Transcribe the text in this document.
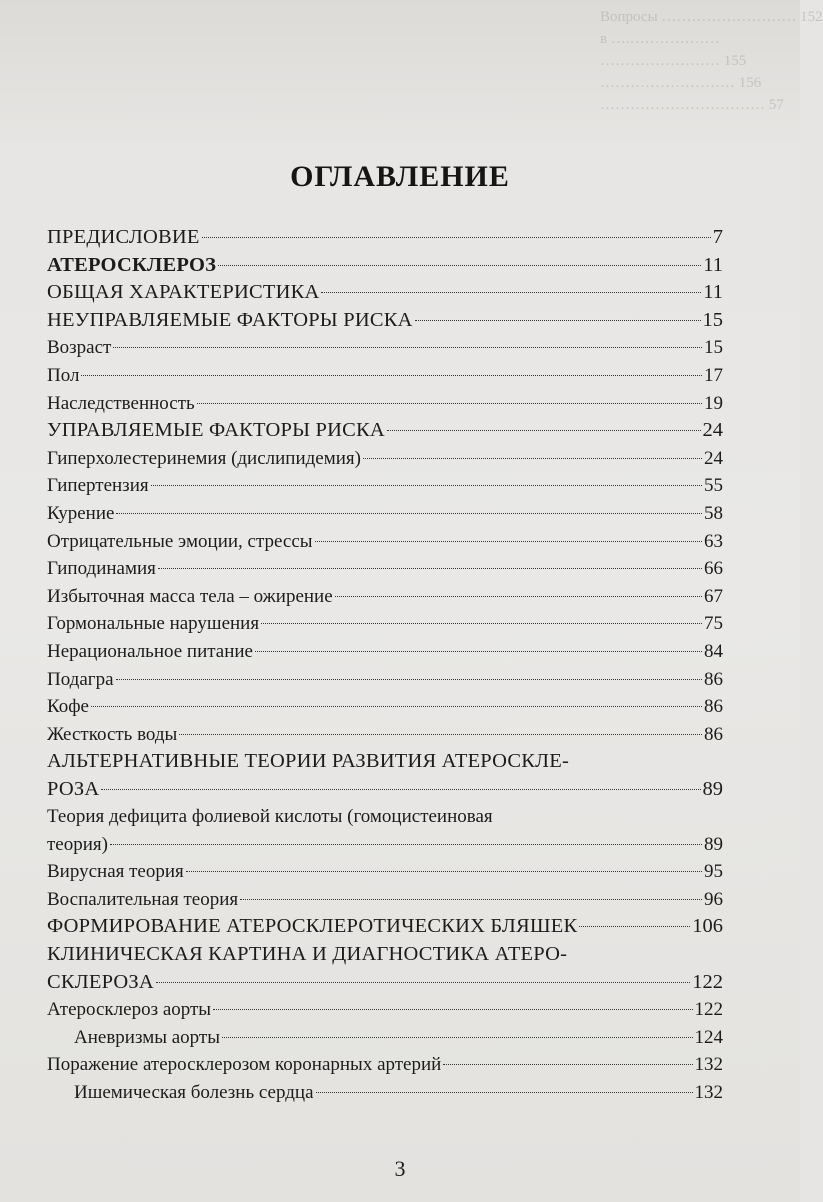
Вопросы ……………………… 152
в ….………………
…………………… 155
……………………… 156
…………………………… 57
ОГЛАВЛЕНИЕ
ПРЕДИСЛОВИЕ	7
АТЕРОСКЛЕРОЗ	11
ОБЩАЯ ХАРАКТЕРИСТИКА	11
НЕУПРАВЛЯЕМЫЕ ФАКТОРЫ РИСКА	15
Возраст	15
Пол	17
Наследственность	19
УПРАВЛЯЕМЫЕ ФАКТОРЫ РИСКА	24
Гиперхолестеринемия (дислипидемия)	24
Гипертензия	55
Курение	58
Отрицательные эмоции, стрессы	63
Гиподинамия	66
Избыточная масса тела – ожирение	67
Гормональные нарушения	75
Нерациональное питание	84
Подагра	86
Кофе	86
Жесткость воды	86
АЛЬТЕРНАТИВНЫЕ ТЕОРИИ РАЗВИТИЯ АТЕРОСКЛЕ-
РОЗА	89
Теория дефицита фолиевой кислоты (гомоцистеиновая
теория)	89
Вирусная теория	95
Воспалительная теория	96
ФОРМИРОВАНИЕ АТЕРОСКЛЕРОТИЧЕСКИХ БЛЯШЕК	106
КЛИНИЧЕСКАЯ КАРТИНА И ДИАГНОСТИКА АТЕРО-
СКЛЕРОЗА	122
Атеросклероз аорты	122
Аневризмы аорты	124
Поражение атеросклерозом коронарных артерий	132
Ишемическая болезнь сердца	132
3
